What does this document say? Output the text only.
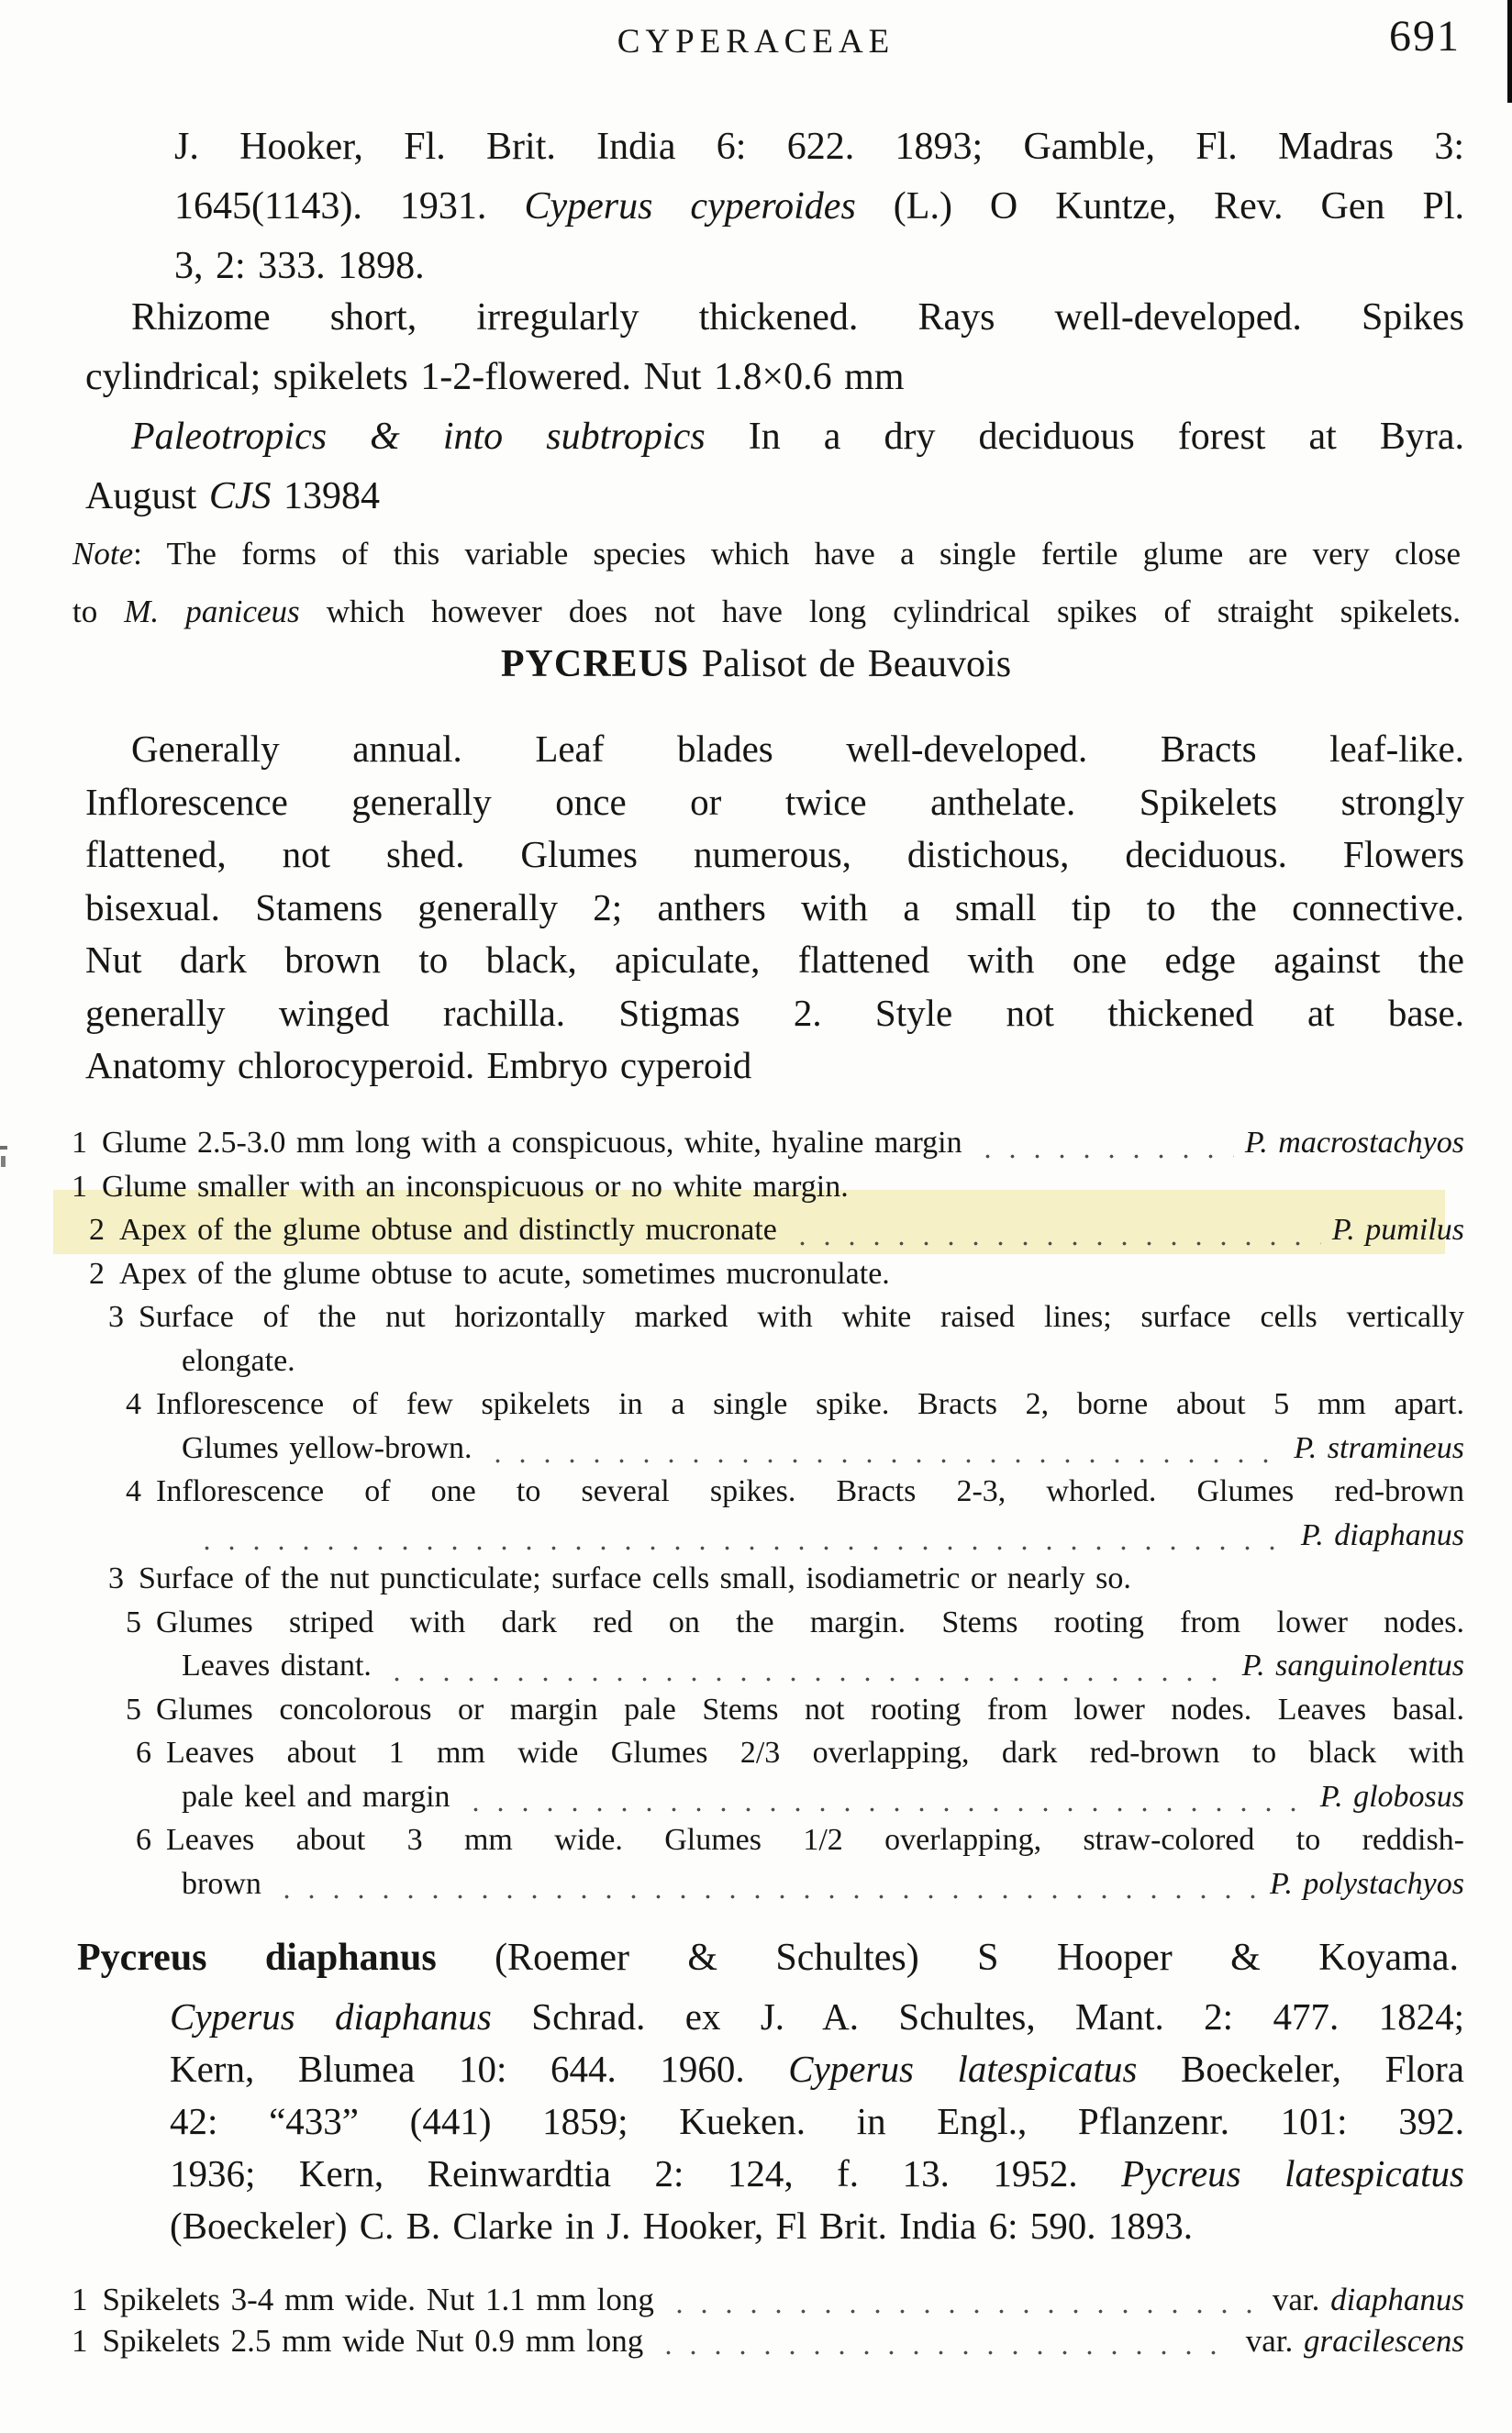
CYPERACEAE	691
J. Hooker, Fl. Brit. India 6: 622. 1893; Gamble, Fl. Madras 3:
1645(1143). 1931. Cyperus cyperoides (L.) O Kuntze, Rev. Gen Pl.
3, 2: 333. 1898.
Rhizome short, irregularly thickened. Rays well-developed. Spikes
cylindrical; spikelets 1-2-flowered. Nut 1.8×0.6 mm
Paleotropics & into subtropics In a dry deciduous forest at Byra.
August CJS 13984
Note: The forms of this variable species which have a single fertile glume are very close
to M. paniceus which however does not have long cylindrical spikes of straight spikelets.
PYCREUS Palisot de Beauvois
Generally annual. Leaf blades well-developed. Bracts leaf-like.
Inflorescence generally once or twice anthelate. Spikelets strongly
flattened, not shed. Glumes numerous, distichous, deciduous. Flowers
bisexual. Stamens generally 2; anthers with a small tip to the connective.
Nut dark brown to black, apiculate, flattened with one edge against the
generally winged rachilla. Stigmas 2. Style not thickened at base.
Anatomy chlorocyperoid. Embryo cyperoid
1 Glume 2.5-3.0 mm long with a conspicuous, white, hyaline margin	P. macrostachyos
1 Glume smaller with an inconspicuous or no white margin.
2 Apex of the glume obtuse and distinctly mucronate	P. pumilus
2 Apex of the glume obtuse to acute, sometimes mucronulate.
3 Surface of the nut horizontally marked with white raised lines; surface cells vertically
elongate.
4 Inflorescence of few spikelets in a single spike. Bracts 2, borne about 5 mm apart.
Glumes yellow-brown.	P. stramineus
4 Inflorescence of one to several spikes. Bracts 2-3, whorled. Glumes red-brown
P. diaphanus
3 Surface of the nut puncticulate; surface cells small, isodiametric or nearly so.
5 Glumes striped with dark red on the margin. Stems rooting from lower nodes.
Leaves distant.	P. sanguinolentus
5 Glumes concolorous or margin pale Stems not rooting from lower nodes. Leaves basal.
6 Leaves about 1 mm wide Glumes 2/3 overlapping, dark red-brown to black with
pale keel and margin	P. globosus
6 Leaves about 3 mm wide. Glumes 1/2 overlapping, straw-colored to reddish-
brown	P. polystachyos
Pycreus diaphanus (Roemer & Schultes) S Hooper & Koyama.
Cyperus diaphanus Schrad. ex J. A. Schultes, Mant. 2: 477. 1824;
Kern, Blumea 10: 644. 1960. Cyperus latespicatus Boeckeler, Flora
42: “433” (441) 1859; Kueken. in Engl., Pflanzenr. 101: 392.
1936; Kern, Reinwardtia 2: 124, f. 13. 1952. Pycreus latespicatus
(Boeckeler) C. B. Clarke in J. Hooker, Fl Brit. India 6: 590. 1893.
1 Spikelets 3-4 mm wide. Nut 1.1 mm long	var. diaphanus
1 Spikelets 2.5 mm wide Nut 0.9 mm long	var. gracilescens
